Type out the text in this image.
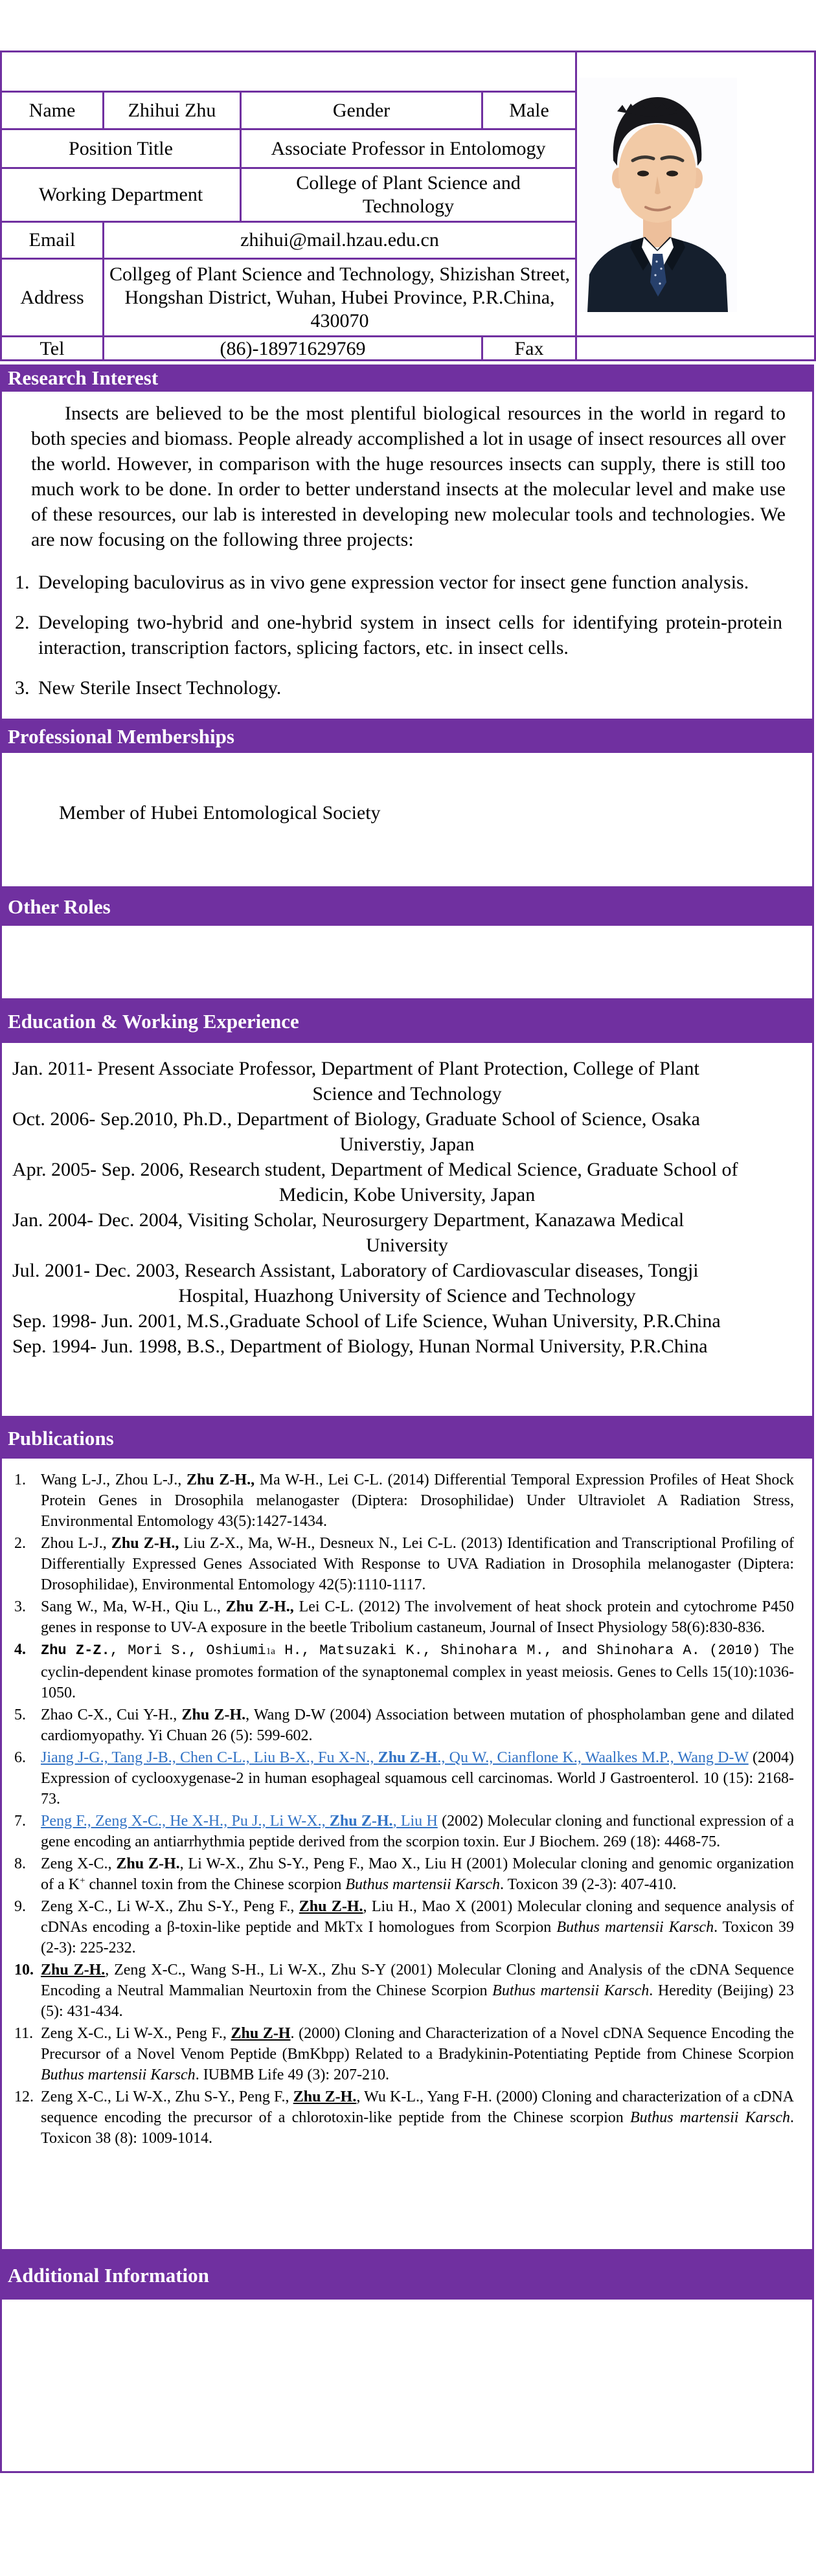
Personal Information	

Name	Zhihui Zhu	Gender	Male	
Position Title		Associate Professor in Entolomogy		
Working Department		College of Plant Science and Technology		
Email	zhihui@mail.hzau.edu.cn			
Address	Collgeg of Plant Science and Technology, Shizishan Street, Hongshan District, Wuhan, Hubei Province, P.R.China, 430070			
Tel	(86)-18971629769		Fax	
Research Interest
Insects are believed to be the most plentiful biological resources in the world in regard to both species and biomass. People already accomplished a lot in usage of insect resources all over the world. However, in comparison with the huge resources insects can supply, there is still too much work to be done. In order to better understand insects at the molecular level and make use of these resources, our lab is interested in developing new molecular tools and technologies. We are now focusing on the following three projects:
1. Developing baculovirus as in vivo gene expression vector for insect gene function analysis.
2. Developing two-hybrid and one-hybrid system in insect cells for identifying protein-protein interaction, transcription factors, splicing factors, etc. in insect cells.
3. New Sterile Insect Technology.
Professional Memberships
Member of Hubei Entomological Society
Other Roles
Education & Working Experience
Jan. 2011- Present Associate Professor, Department of Plant Protection, College of Plant
Science and Technology
Oct. 2006- Sep.2010, Ph.D., Department of Biology, Graduate School of Science, Osaka
Universtiy, Japan
Apr. 2005- Sep. 2006, Research student, Department of Medical Science, Graduate School of
Medicin, Kobe University, Japan
Jan. 2004- Dec. 2004, Visiting Scholar, Neurosurgery Department, Kanazawa Medical
University
Jul. 2001- Dec. 2003, Research Assistant, Laboratory of Cardiovascular diseases, Tongji
Hospital, Huazhong University of Science and Technology
Sep. 1998- Jun. 2001, M.S.,Graduate School of Life Science, Wuhan University, P.R.China
Sep. 1994- Jun. 1998, B.S., Department of Biology, Hunan Normal University, P.R.China
Publications
1. Wang L-J., Zhou L-J., Zhu Z-H., Ma W-H., Lei C-L. (2014) Differential Temporal Expression Profiles of Heat Shock Protein Genes in Drosophila melanogaster (Diptera: Drosophilidae) Under Ultraviolet A Radiation Stress, Environmental Entomology 43(5):1427-1434.
2. Zhou L-J., Zhu Z-H., Liu Z-X., Ma, W-H., Desneux N., Lei C-L. (2013) Identification and Transcriptional Profiling of Differentially Expressed Genes Associated With Response to UVA Radiation in Drosophila melanogaster (Diptera: Drosophilidae), Environmental Entomology 42(5):1110-1117.
3. Sang W., Ma, W-H., Qiu L., Zhu Z-H., Lei C-L. (2012) The involvement of heat shock protein and cytochrome P450 genes in response to UV-A exposure in the beetle Tribolium castaneum, Journal of Insect Physiology 58(6):830-836.
4.	Zhu Z-Z., Mori S., Oshiumi1a H., Matsuzaki K., Shinohara M., and Shinohara A. (2010) The cyclin-dependent kinase promotes formation of the synaptonemal complex in yeast meiosis. Genes to Cells 15(10):1036-1050.
5. Zhao C-X., Cui Y-H., Zhu Z-H., Wang D-W (2004) Association between mutation of phospholamban gene and dilated cardiomyopathy. Yi Chuan 26 (5): 599-602.
6. Jiang J-G., Tang J-B., Chen C-L., Liu B-X., Fu X-N., Zhu Z-H., Qu W., Cianflone K., Waalkes M.P., Wang D-W (2004) Expression of cyclooxygenase-2 in human esophageal squamous cell carcinomas. World J Gastroenterol. 10 (15): 2168-73.
7. Peng F., Zeng X-C., He X-H., Pu J., Li W-X., Zhu Z-H., Liu H (2002) Molecular cloning and functional expression of a gene encoding an antiarrhythmia peptide derived from the scorpion toxin. Eur J Biochem. 269 (18): 4468-75.
8. Zeng X-C., Zhu Z-H., Li W-X., Zhu S-Y., Peng F., Mao X., Liu H (2001) Molecular cloning and genomic organization of a K+ channel toxin from the Chinese scorpion Buthus martensii Karsch. Toxicon 39 (2-3): 407-410.
9. Zeng X-C., Li W-X., Zhu S-Y., Peng F., Zhu Z-H., Liu H., Mao X (2001) Molecular cloning and sequence analysis of cDNAs encoding a β-toxin-like peptide and MkTx I homologues from Scorpion Buthus martensii Karsch. Toxicon 39 (2-3): 225-232.
10. Zhu Z-H., Zeng X-C., Wang S-H., Li W-X., Zhu S-Y (2001) Molecular Cloning and Analysis of the cDNA Sequence Encoding a Neutral Mammalian Neurtoxin from the Chinese Scorpion Buthus martensii Karsch. Heredity (Beijing) 23 (5): 431-434.
11. Zeng X-C., Li W-X., Peng F., Zhu Z-H. (2000) Cloning and Characterization of a Novel cDNA Sequence Encoding the Precursor of a Novel Venom Peptide (BmKbpp) Related to a Bradykinin-Potentiating Peptide from Chinese Scorpion Buthus martensii Karsch. IUBMB Life 49 (3): 207-210.
12. Zeng X-C., Li W-X., Zhu S-Y., Peng F., Zhu Z-H., Wu K-L., Yang F-H. (2000) Cloning and characterization of a cDNA sequence encoding the precursor of a chlorotoxin-like peptide from the Chinese scorpion Buthus martensii Karsch. Toxicon 38 (8): 1009-1014.
Additional Information
